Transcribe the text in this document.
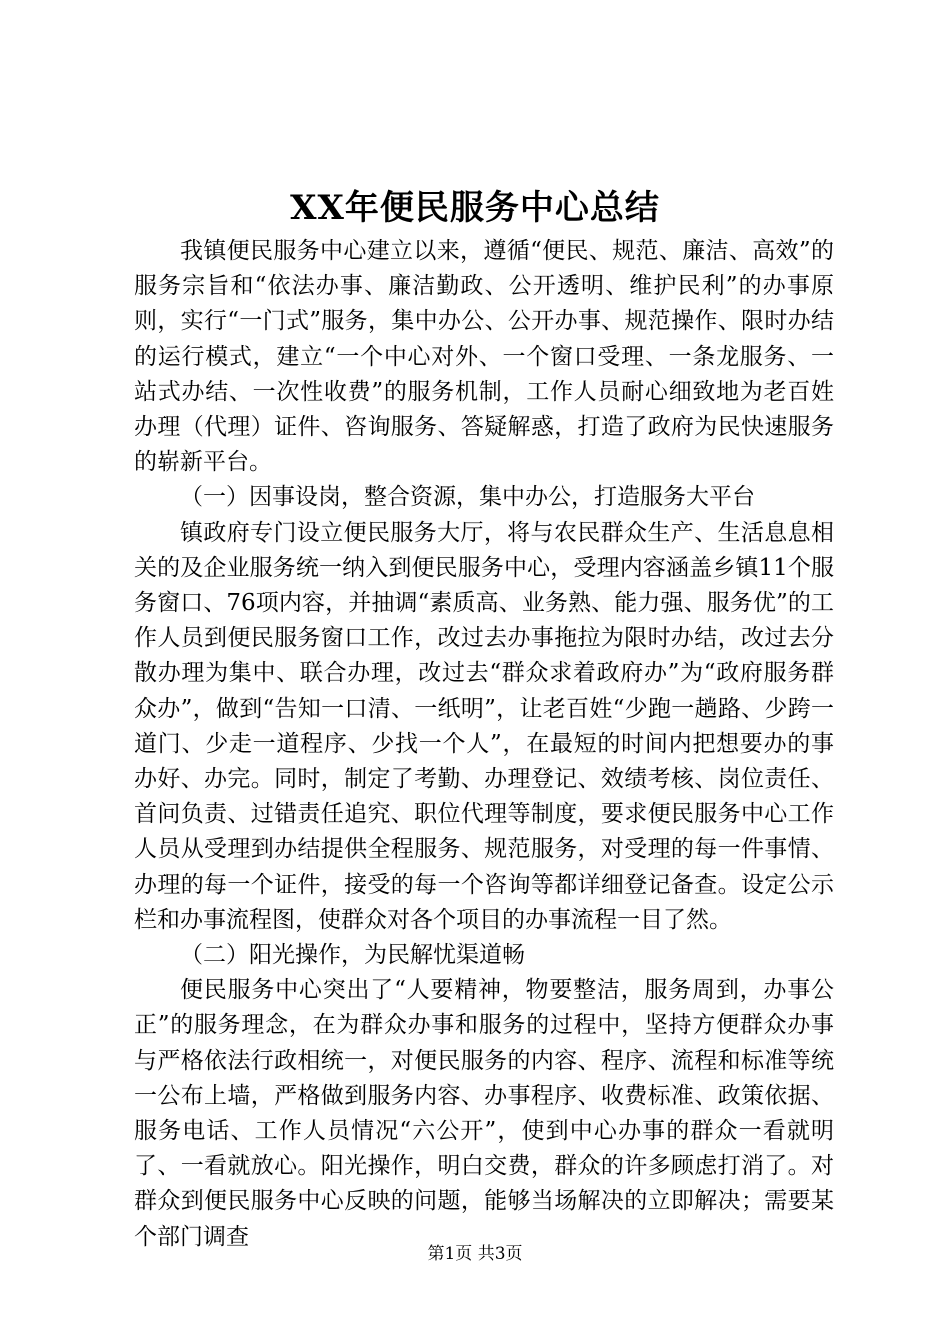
XX年便民服务中心总结

我镇便民服务中心建立以来，遵循“便民、规范、廉洁、高效”的服务宗旨和“依法办事、廉洁勤政、公开透明、维护民利”的办事原则，实行“一门式”服务，集中办公、公开办事、规范操作、限时办结的运行模式，建立“一个中心对外、一个窗口受理、一条龙服务、一站式办结、一次性收费”的服务机制，工作人员耐心细致地为老百姓办理（代理）证件、咨询服务、答疑解惑，打造了政府为民快速服务的崭新平台。

（一）因事设岗，整合资源，集中办公，打造服务大平台

镇政府专门设立便民服务大厅，将与农民群众生产、生活息息相关的及企业服务统一纳入到便民服务中心，受理内容涵盖乡镇11个服务窗口、76项内容，并抽调“素质高、业务熟、能力强、服务优”的工作人员到便民服务窗口工作，改过去办事拖拉为限时办结，改过去分散办理为集中、联合办理，改过去“群众求着政府办”为“政府服务群众办”，做到“告知一口清、一纸明”，让老百姓“少跑一趟路、少跨一道门、少走一道程序、少找一个人”，在最短的时间内把想要办的事办好、办完。同时，制定了考勤、办理登记、效绩考核、岗位责任、首问负责、过错责任追究、职位代理等制度，要求便民服务中心工作人员从受理到办结提供全程服务、规范服务，对受理的每一件事情、办理的每一个证件，接受的每一个咨询等都详细登记备查。设定公示栏和办事流程图，使群众对各个项目的办事流程一目了然。

（二）阳光操作，为民解忧渠道畅

便民服务中心突出了“人要精神，物要整洁，服务周到，办事公正”的服务理念，在为群众办事和服务的过程中，坚持方便群众办事与严格依法行政相统一，对便民服务的内容、程序、流程和标准等统一公布上墙，严格做到服务内容、办事程序、收费标准、政策依据、服务电话、工作人员情况“六公开”，使到中心办事的群众一看就明了、一看就放心。阳光操作，明白交费，群众的许多顾虑打消了。对群众到便民服务中心反映的问题，能够当场解决的立即解决；需要某个部门调查

第1页 共3页
